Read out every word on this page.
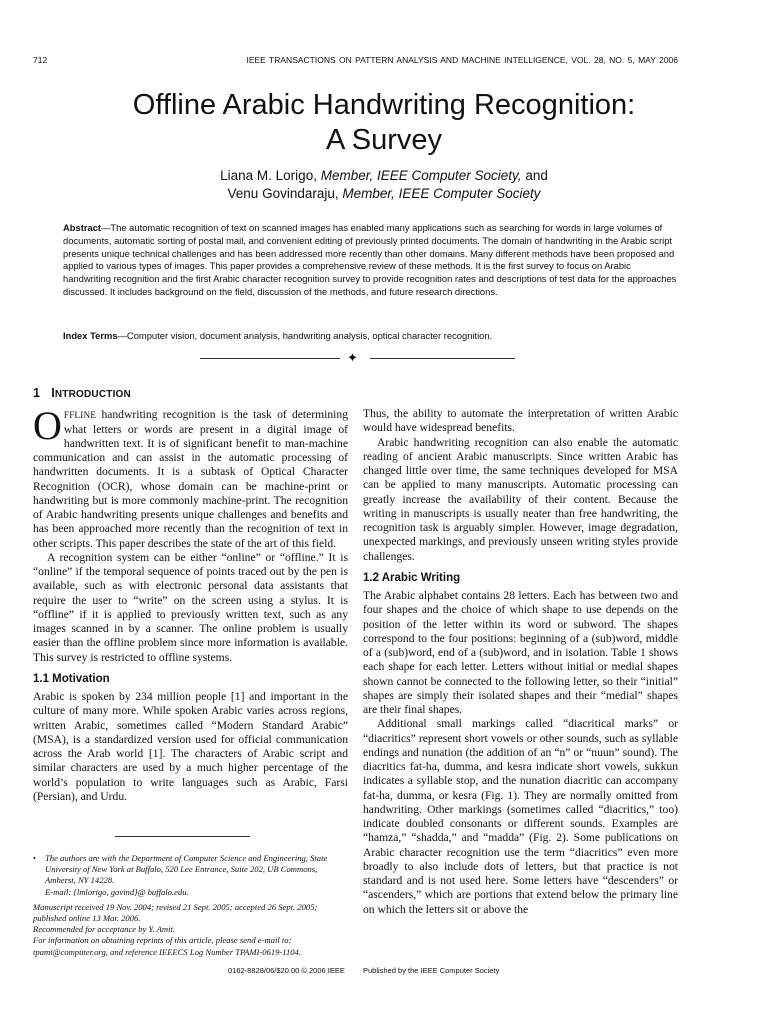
712	IEEE TRANSACTIONS ON PATTERN ANALYSIS AND MACHINE INTELLIGENCE, VOL. 28, NO. 5, MAY 2006
Offline Arabic Handwriting Recognition:
A Survey
Liana M. Lorigo, Member, IEEE Computer Society, and
Venu Govindaraju, Member, IEEE Computer Society

Abstract—The automatic recognition of text on scanned images has enabled many applications such as searching for words in large volumes of documents, automatic sorting of postal mail, and convenient editing of previously printed documents. The domain of handwriting in the Arabic script presents unique technical challenges and has been addressed more recently than other domains. Many different methods have been proposed and applied to various types of images. This paper provides a comprehensive review of these methods. It is the first survey to focus on Arabic handwriting recognition and the first Arabic character recognition survey to provide recognition rates and descriptions of test data for the approaches discussed. It includes background on the field, discussion of the methods, and future research directions.

Index Terms—Computer vision, document analysis, handwriting analysis, optical character recognition.

✦
1 INTRODUCTION

OFFLINE handwriting recognition is the task of determining what letters or words are present in a digital image of handwritten text. It is of significant benefit to man-machine communication and can assist in the automatic processing of handwritten documents. It is a subtask of Optical Character Recognition (OCR), whose domain can be machine-print or handwriting but is more commonly machine-print. The recognition of Arabic handwriting presents unique challenges and benefits and has been approached more recently than the recognition of text in other scripts. This paper describes the state of the art of this field.

A recognition system can be either “online” or “offline.” It is “online” if the temporal sequence of points traced out by the pen is available, such as with electronic personal data assistants that require the user to “write” on the screen using a stylus. It is “offline” if it is applied to previously written text, such as any images scanned in by a scanner. The online problem is usually easier than the offline problem since more information is available. This survey is restricted to offline systems.

1.1 Motivation

Arabic is spoken by 234 million people [1] and important in the culture of many more. While spoken Arabic varies across regions, written Arabic, sometimes called “Modern Standard Arabic” (MSA), is a standardized version used for official communication across the Arab world [1]. The characters of Arabic script and similar characters are used by a much higher percentage of the world’s population to write languages such as Arabic, Farsi (Persian), and Urdu.

• The authors are with the Department of Computer Science and Engineering, State University of New York at Buffalo, 520 Lee Entrance, Suite 202, UB Commons, Amherst, NY 14228.
E-mail: {lmlorigo, govind}@ buffalo.edu.

Manuscript received 19 Nov. 2004; revised 21 Sept. 2005; accepted 26 Sept. 2005; published online 13 Mar. 2006.

Recommended for acceptance by Y. Amit.

For information on obtaining reprints of this article, please send e-mail to: tpami@computer.org, and reference IEEECS Log Number TPAMI-0619-1104.

Thus, the ability to automate the interpretation of written Arabic would have widespread benefits.

Arabic handwriting recognition can also enable the automatic reading of ancient Arabic manuscripts. Since written Arabic has changed little over time, the same techniques developed for MSA can be applied to many manuscripts. Automatic processing can greatly increase the availability of their content. Because the writing in manuscripts is usually neater than free handwriting, the recognition task is arguably simpler. However, image degradation, unexpected markings, and previously unseen writing styles provide challenges.

1.2 Arabic Writing

The Arabic alphabet contains 28 letters. Each has between two and four shapes and the choice of which shape to use depends on the position of the letter within its word or subword. The shapes correspond to the four positions: beginning of a (sub)word, middle of a (sub)word, end of a (sub)word, and in isolation. Table 1 shows each shape for each letter. Letters without initial or medial shapes shown cannot be connected to the following letter, so their “initial” shapes are simply their isolated shapes and their “medial” shapes are their final shapes.

Additional small markings called “diacritical marks” or “diacritics” represent short vowels or other sounds, such as syllable endings and nunation (the addition of an “n” or “nuun” sound). The diacritics fat-ha, dumma, and kesra indicate short vowels, sukkun indicates a syllable stop, and the nunation diacritic can accompany fat-ha, dumma, or kesra (Fig. 1). They are normally omitted from handwriting. Other markings (sometimes called “diacritics,” too) indicate doubled consonants or different sounds. Examples are “hamza,” “shadda,” and “madda” (Fig. 2). Some publications on Arabic character recognition use the term “diacritics” even more broadly to also include dots of letters, but that practice is not standard and is not used here. Some letters have “descenders” or “ascenders,” which are portions that extend below the primary line on which the letters sit or above the

0162-8828/06/$20.00 © 2006 IEEE Published by the IEEE Computer Society
